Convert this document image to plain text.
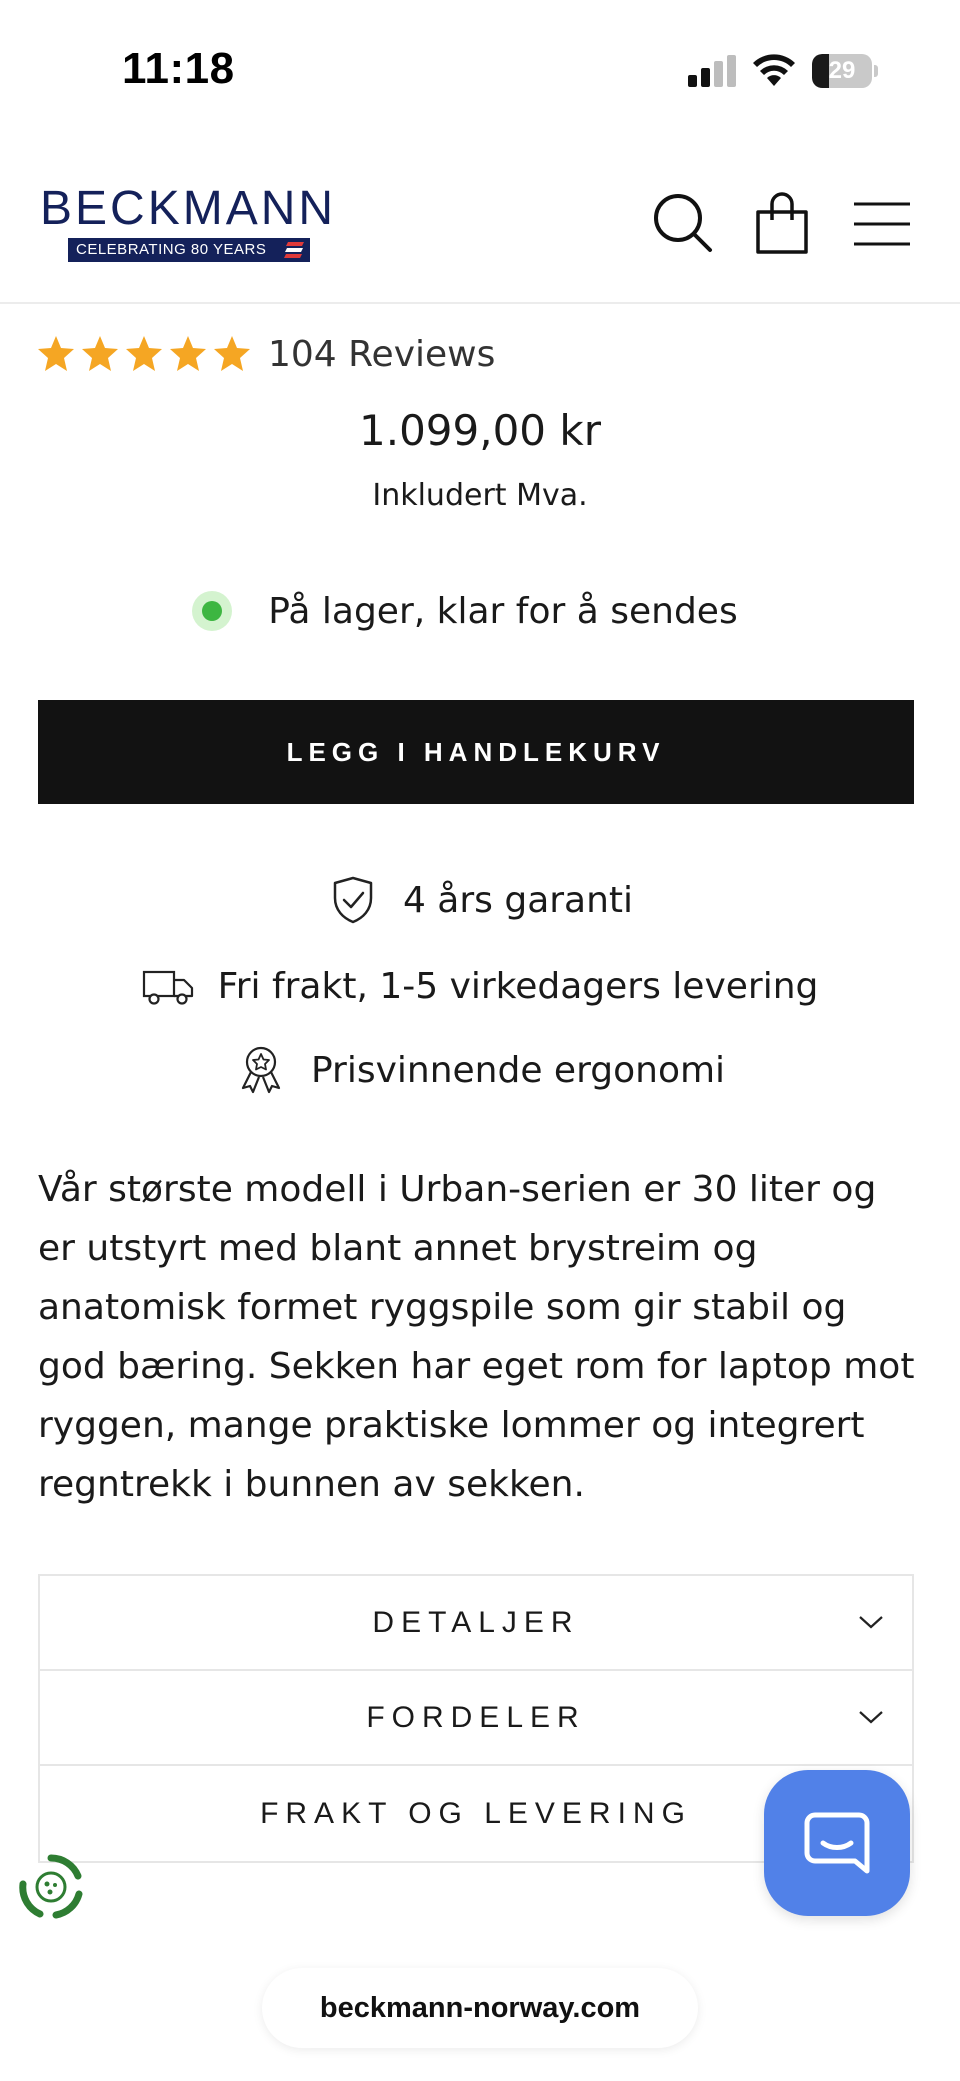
11:18	29
BECKMANN
CELEBRATING 80 YEARS
104 Reviews
1.099,00 kr
Inkludert Mva.
På lager, klar for å sendes
LEGG I HANDLEKURV
4 års garanti
Fri frakt, 1-5 virkedagers levering
Prisvinnende ergonomi

Vår største modell i Urban-serien er 30 liter og er utstyrt med blant annet brystreim og anatomisk formet ryggspile som gir stabil og god bæring. Sekken har eget rom for laptop mot ryggen, mange praktiske lommer og integrert regntrekk i bunnen av sekken.

DETALJER
FORDELER
FRAKT OG LEVERING
beckmann-norway.com
